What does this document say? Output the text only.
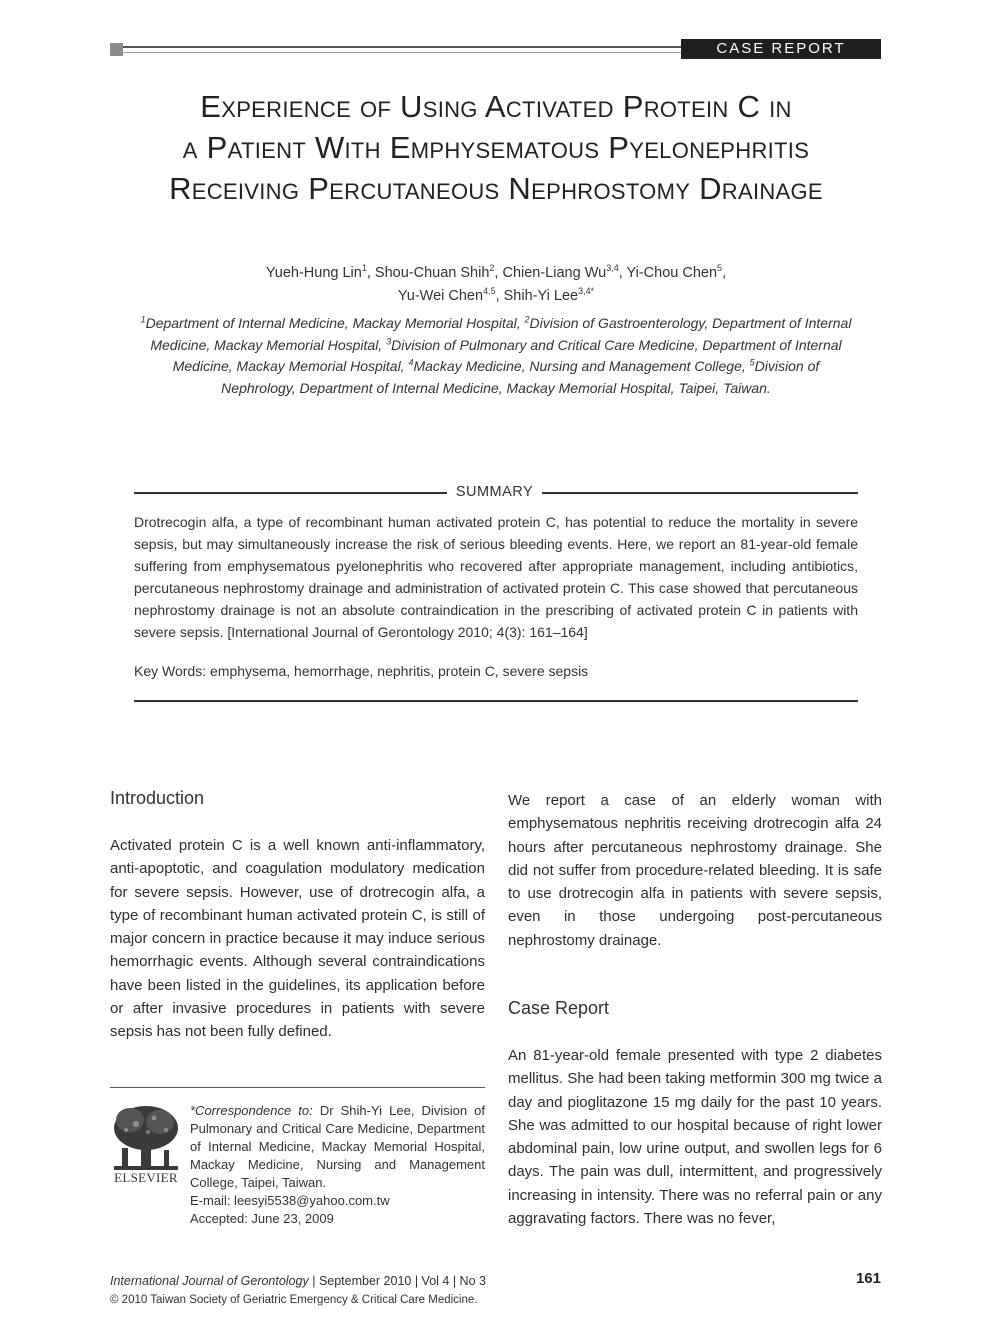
CASE REPORT
Experience of Using Activated Protein C in
a Patient With Emphysematous Pyelonephritis
Receiving Percutaneous Nephrostomy Drainage
Yueh-Hung Lin$^1$, Shou-Chuan Shih$^2$, Chien-Liang Wu$^{3,4}$, Yi-Chou Chen$^5$,
Yu-Wei Chen$^{4,5}$, Shih-Yi Lee$^{3,4*}$
$^1$Department of Internal Medicine, Mackay Memorial Hospital, $^2$Division of Gastroenterology, Department of Internal Medicine, Mackay Memorial Hospital, $^3$Division of Pulmonary and Critical Care Medicine, Department of Internal Medicine, Mackay Memorial Hospital, $^4$Mackay Medicine, Nursing and Management College, $^5$Division of Nephrology, Department of Internal Medicine, Mackay Memorial Hospital, Taipei, Taiwan.
SUMMARY
Drotrecogin alfa, a type of recombinant human activated protein C, has potential to reduce the mortality in severe sepsis, but may simultaneously increase the risk of serious bleeding events. Here, we report an 81-year-old female suffering from emphysematous pyelonephritis who recovered after appropriate management, including antibiotics, percutaneous nephrostomy drainage and administration of activated protein C. This case showed that percutaneous nephrostomy drainage is not an absolute contraindication in the prescribing of activated protein C in patients with severe sepsis. [International Journal of Gerontology 2010; 4(3): 161–164]
Key Words: emphysema, hemorrhage, nephritis, protein C, severe sepsis
Introduction
Activated protein C is a well known anti-inflammatory, anti-apoptotic, and coagulation modulatory medication for severe sepsis. However, use of drotrecogin alfa, a type of recombinant human activated protein C, is still of major concern in practice because it may induce serious hemorrhagic events. Although several contraindications have been listed in the guidelines, its application before or after invasive procedures in patients with severe sepsis has not been fully defined.
ELSEVIER
*Correspondence to: Dr Shih-Yi Lee, Division of Pulmonary and Critical Care Medicine, Department of Internal Medicine, Mackay Memorial Hospital, Mackay Medicine, Nursing and Management College, Taipei, Taiwan.
E-mail: leesyi5538@yahoo.com.tw
Accepted: June 23, 2009
We report a case of an elderly woman with emphysematous nephritis receiving drotrecogin alfa 24 hours after percutaneous nephrostomy drainage. She did not suffer from procedure-related bleeding. It is safe to use drotrecogin alfa in patients with severe sepsis, even in those undergoing post-percutaneous nephrostomy drainage.
Case Report
An 81-year-old female presented with type 2 diabetes mellitus. She had been taking metformin 300 mg twice a day and pioglitazone 15 mg daily for the past 10 years. She was admitted to our hospital because of right lower abdominal pain, low urine output, and swollen legs for 6 days. The pain was dull, intermittent, and progressively increasing in intensity. There was no referral pain or any aggravating factors. There was no fever,
International Journal of Gerontology | September 2010 | Vol 4 | No 3
© 2010 Taiwan Society of Geriatric Emergency & Critical Care Medicine.
161
